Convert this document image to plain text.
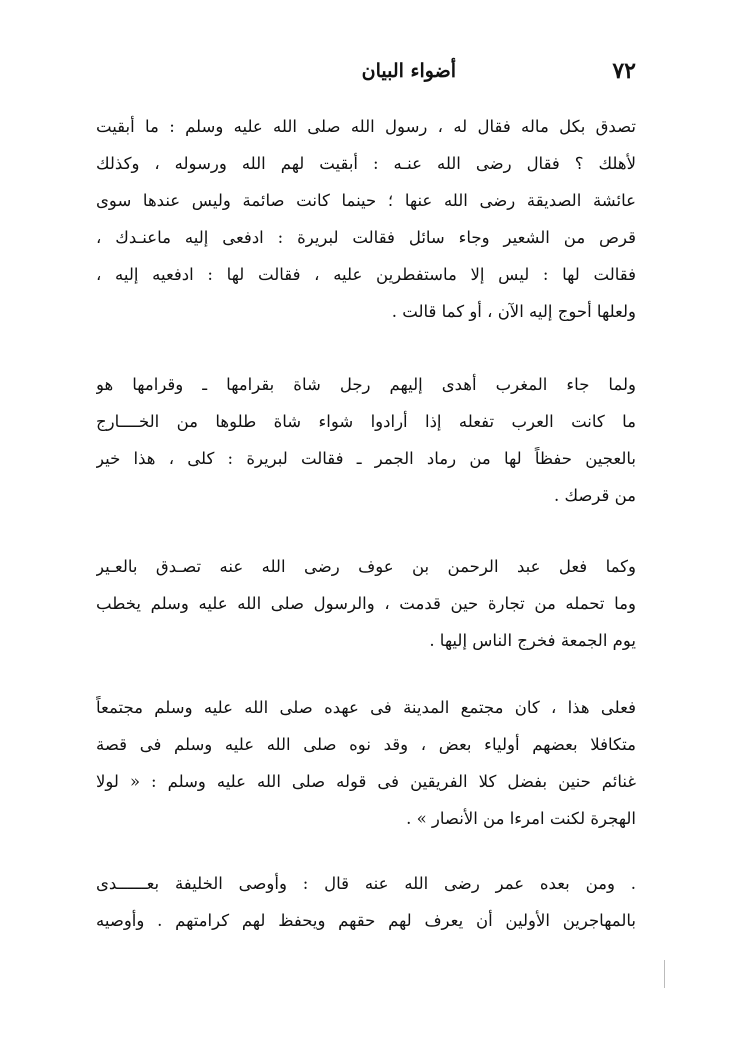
٧٢
أضواء البيان
تصدق بكل ماله فقال له ، رسول الله صلى الله عليه وسلم : ما أبقيت
لأهلك ؟ فقال رضى الله عنـه : أبقيت لهم الله ورسوله ، وكذلك
عائشة الصديقة رضى الله عنها ؛ حينما كانت صائمة وليس عندها سوى
قرص من الشعير وجاء سائل فقالت لبريرة : ادفعى إليه ماعنـدك ،
فقالت لها : ليس إلا ماستفطرين عليه ، فقالت لها : ادفعيه إليه ،
ولعلها أحوج إليه الآن ، أو كما قالت .
ولما جاء المغرب أهدى إليهم رجل شاة بقرامها ـ وقرامها هو
ما كانت العرب تفعله إذا أرادوا شواء شاة طلوها من الخــــارج
بالعجين حفظاً لها من رماد الجمر ـ فقالت لبريرة : كلى ، هذا خير
من قرصك .
وكما فعل عبد الرحمن بن عوف رضى الله عنه تصـدق بالعـير
وما تحمله من تجارة حين قدمت ، والرسول صلى الله عليه وسلم يخطب
يوم الجمعة فخرج الناس إليها .
فعلى هذا ، كان مجتمع المدينة فى عهده صلى الله عليه وسلم مجتمعاً
متكافلا بعضهم أولياء بعض ، وقد نوه صلى الله عليه وسلم فى قصة
غنائم حنين بفضل كلا الفريقين فى قوله صلى الله عليه وسلم : « لولا
الهجرة لكنت امرءا من الأنصار » .
. ومن بعده عمر رضى الله عنه قال : وأوصى الخليفة بعــــــدى
بالمهاجرين الأولين أن يعرف لهم حقهم ويحفظ لهم كرامتهم . وأوصيه
